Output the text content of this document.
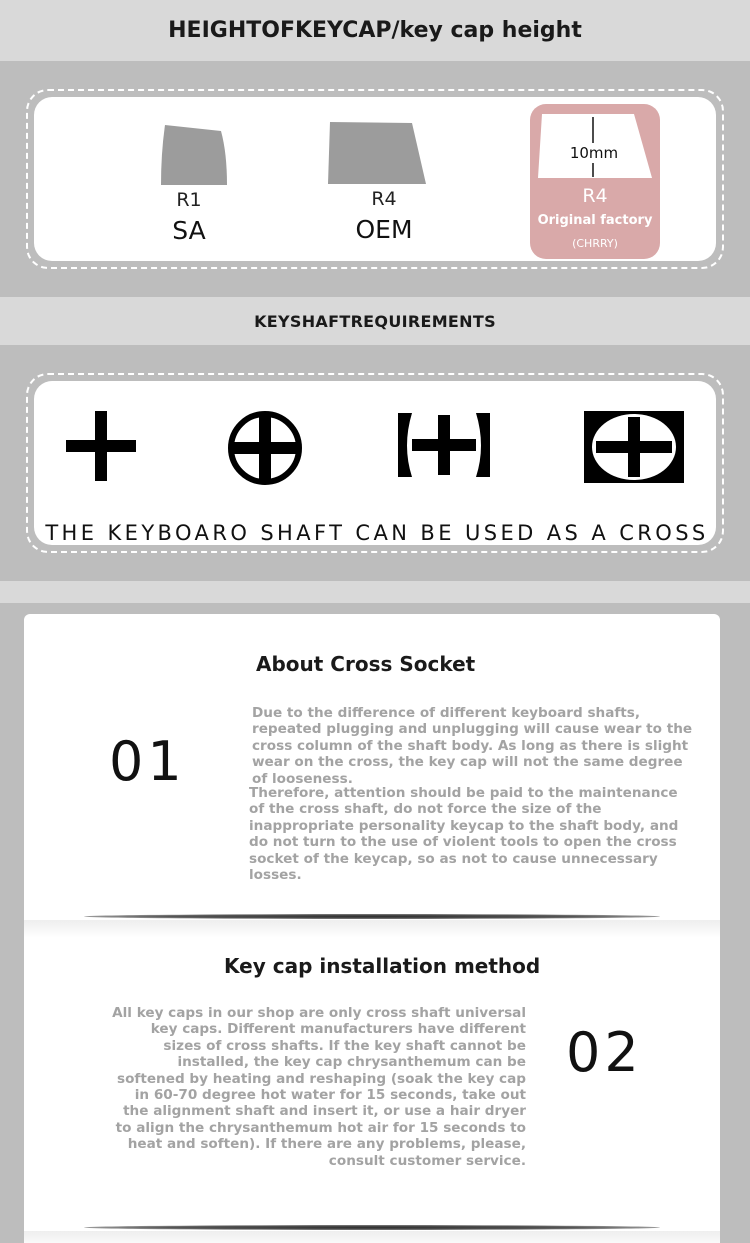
HEIGHTOFKEYCAP/key cap height
R1
SA
R4
OEM
10mm
R4
Original factory
(CHRRY)
KEYSHAFTREQUIREMENTS
THE KEYBOARO SHAFT CAN BE USED AS A CROSS
About Cross Socket
01
Due to the difference of different keyboard shafts, repeated plugging and unplugging will cause wear to the cross column of the shaft body. As long as there is slight wear on the cross, the key cap will not the same degree of looseness.
Therefore, attention should be paid to the maintenance of the cross shaft, do not force the size of the inappropriate personality keycap to the shaft body, and do not turn to the use of violent tools to open the cross socket of the keycap, so as not to cause unnecessary losses.
Key cap installation method
All key caps in our shop are only cross shaft universal key caps. Different manufacturers have different sizes of cross shafts. If the key shaft cannot be installed, the key cap chrysanthemum can be softened by heating and reshaping (soak the key cap in 60-70 degree hot water for 15 seconds, take out the alignment shaft and insert it, or use a hair dryer to align the chrysanthemum hot air for 15 seconds to heat and soften). If there are any problems, please, consult customer service.
02
